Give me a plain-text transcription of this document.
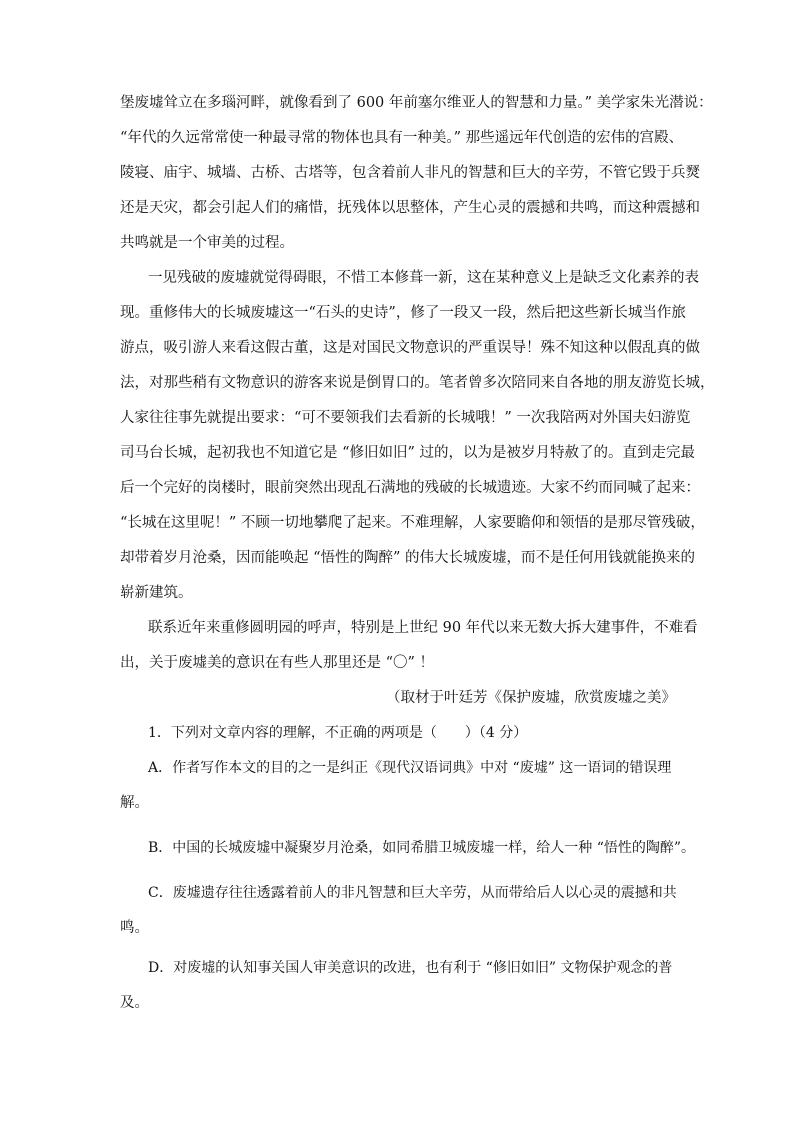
堡废墟耸立在多瑙河畔，就像看到了 600 年前塞尔维亚人的智慧和力量。” 美学家朱光潜说：
“年代的久远常常使一种最寻常的物体也具有一种美。” 那些遥远年代创造的宏伟的宫殿、
陵寝、庙宇、城墙、古桥、古塔等，包含着前人非凡的智慧和巨大的辛劳，不管它毁于兵燹
还是天灾，都会引起人们的痛惜，抚残体以思整体，产生心灵的震撼和共鸣，而这种震撼和
共鸣就是一个审美的过程。
一见残破的废墟就觉得碍眼，不惜工本修葺一新，这在某种意义上是缺乏文化素养的表
现。重修伟大的长城废墟这一“石头的史诗”，修了一段又一段，然后把这些新长城当作旅
游点，吸引游人来看这假古董，这是对国民文物意识的严重误导！殊不知这种以假乱真的做
法，对那些稍有文物意识的游客来说是倒胃口的。笔者曾多次陪同来自各地的朋友游览长城，
人家往往事先就提出要求：“可不要领我们去看新的长城哦！” 一次我陪两对外国夫妇游览
司马台长城，起初我也不知道它是 “修旧如旧” 过的，以为是被岁月特赦了的。直到走完最
后一个完好的岗楼时，眼前突然出现乱石满地的残破的长城遗迹。大家不约而同喊了起来：
“长城在这里呢！” 不顾一切地攀爬了起来。不难理解，人家要瞻仰和领悟的是那尽管残破，
却带着岁月沧桑，因而能唤起 “悟性的陶醉” 的伟大长城废墟，而不是任何用钱就能换来的
崭新建筑。
联系近年来重修圆明园的呼声，特别是上世纪 90 年代以来无数大拆大建事件，不难看
出，关于废墟美的意识在有些人那里还是 “〇” ！
（取材于叶廷芳《保护废墟，欣赏废墟之美》
1．下列对文章内容的理解，不正确的两项是（　　）（4 分）
A．作者写作本文的目的之一是纠正《现代汉语词典》中对 “废墟” 这一语词的错误理
解。
B．中国的长城废墟中凝聚岁月沧桑，如同希腊卫城废墟一样，给人一种 “悟性的陶醉”。
C．废墟遗存往往透露着前人的非凡智慧和巨大辛劳，从而带给后人以心灵的震撼和共
鸣。
D．对废墟的认知事关国人审美意识的改进，也有利于 “修旧如旧” 文物保护观念的普
及。
